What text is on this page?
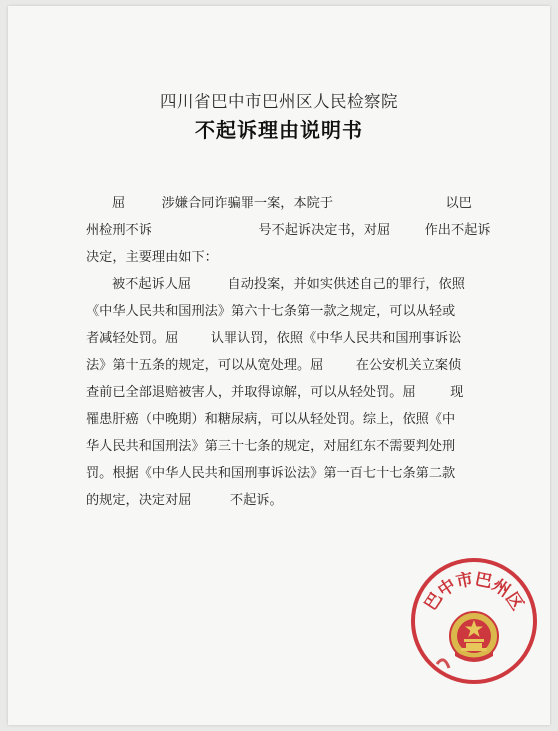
四川省巴中市巴州区人民检察院
不起诉理由说明书
屈	涉嫌合同诈骗罪一案，本院于	以巴
州检刑不诉	号不起诉决定书，对屈	作出不起诉
决定，主要理由如下：
被不起诉人屈	自动投案，并如实供述自己的罪行，依照
《中华人民共和国刑法》第六十七条第一款之规定，可以从轻或
者减轻处罚。屈 认罪认罚，依照《中华人民共和国刑事诉讼
法》第十五条的规定，可以从宽处理。屈 在公安机关立案侦
查前已全部退赔被害人，并取得谅解，可以从轻处罚。屈	现
罹患肝癌（中晚期）和糖尿病，可以从轻处罚。综上，依照《中
华人民共和国刑法》第三十七条的规定，对屈红东不需要判处刑
罚。根据《中华人民共和国刑事诉讼法》第一百七十七条第二款
的规定，决定对屈	不起诉。
巴中市巴州区
